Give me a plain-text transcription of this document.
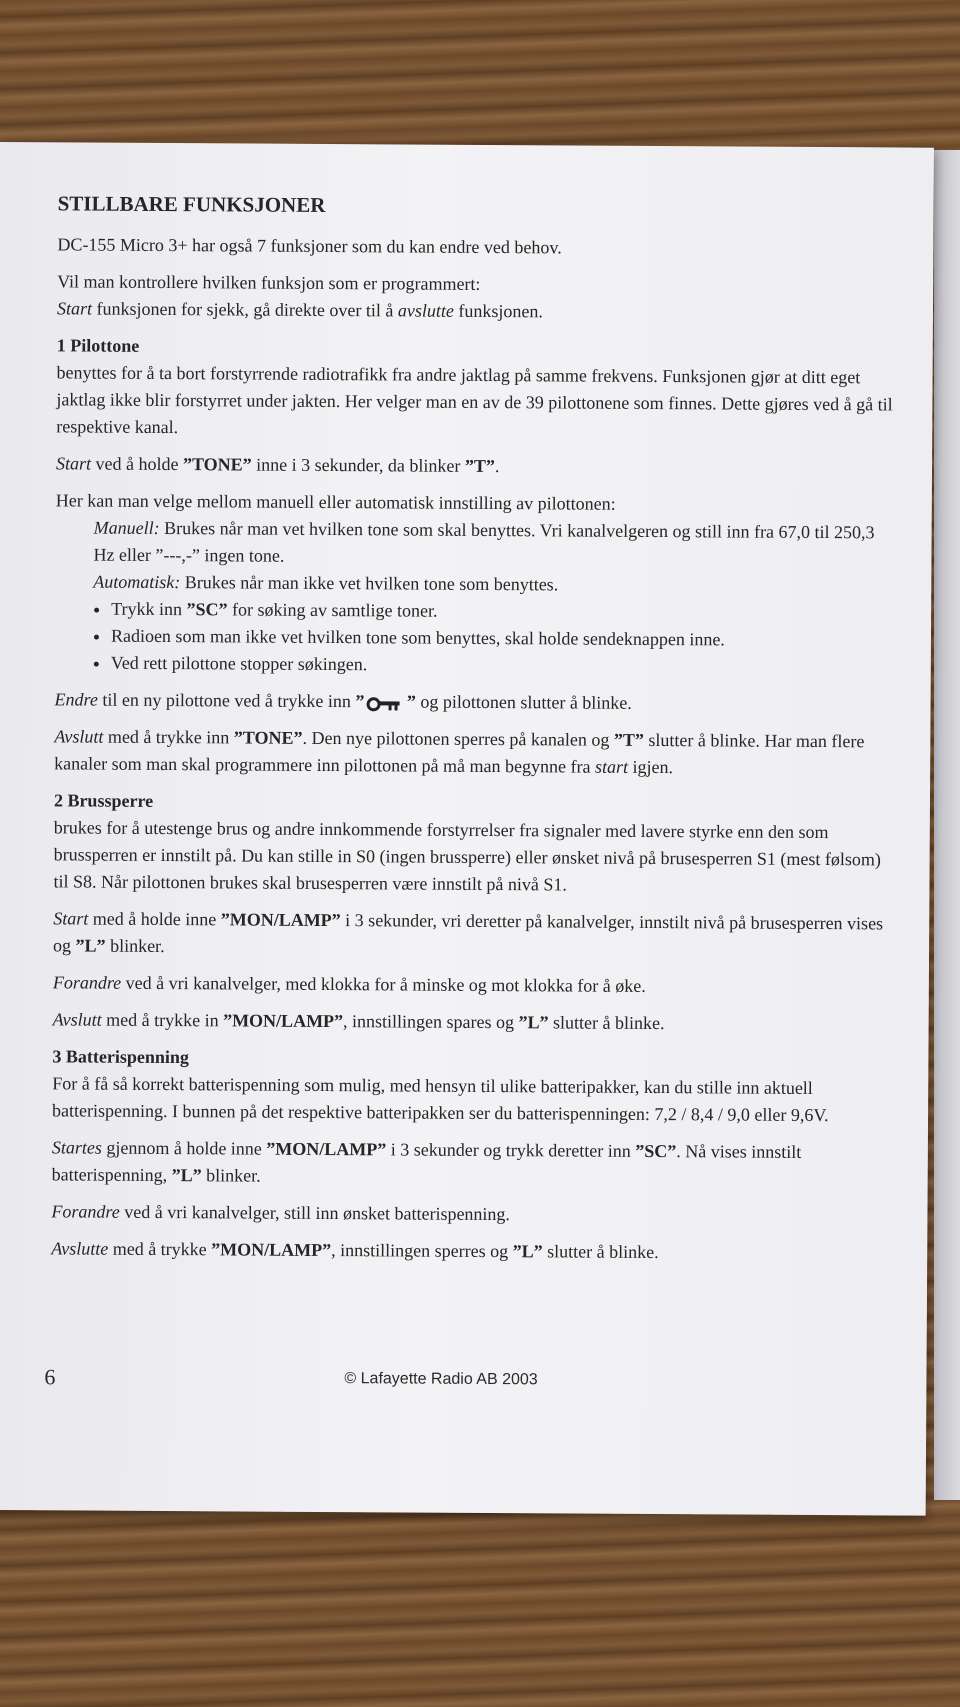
STILLBARE FUNKSJONER

DC-155 Micro 3+ har også 7 funksjoner som du kan endre ved behov.

Vil man kontrollere hvilken funksjon som er programmert:
Start funksjonen for sjekk, gå direkte over til å avslutte funksjonen.

1 Pilottone

benyttes for å ta bort forstyrrende radiotrafikk fra andre jaktlag på samme frekvens. Funksjonen gjør at ditt eget jaktlag ikke blir forstyrret under jakten. Her velger man en av de 39 pilottonene som finnes. Dette gjøres ved å gå til respektive kanal.

Start ved å holde ”TONE” inne i 3 sekunder, da blinker ”T”.

Her kan man velge mellom manuell eller automatisk innstilling av pilottonen:
Manuell: Brukes når man vet hvilken tone som skal benyttes. Vri kanalvelgeren og still inn fra 67,0 til 250,3 Hz eller ”---,-” ingen tone.
Automatisk: Brukes når man ikke vet hvilken tone som benyttes.
• Trykk inn ”SC” for søking av samtlige toner.
• Radioen som man ikke vet hvilken tone som benyttes, skal holde sendeknappen inne.
• Ved rett pilottone stopper søkingen.

Endre til en ny pilottone ved å trykke inn ”
” og pilottonen slutter å blinke.

Avslutt med å trykke inn ”TONE”. Den nye pilottonen sperres på kanalen og ”T” slutter å blinke. Har man flere kanaler som man skal programmere inn pilottonen på må man begynne fra start igjen.

2 Brussperre

brukes for å utestenge brus og andre innkommende forstyrrelser fra signaler med lavere styrke enn den som brussperren er innstilt på. Du kan stille in S0 (ingen brussperre) eller ønsket nivå på brusesperren S1 (mest følsom) til S8. Når pilottonen brukes skal brusesperren være innstilt på nivå S1.

Start med å holde inne ”MON/LAMP” i 3 sekunder, vri deretter på kanalvelger, innstilt nivå på brusesperren vises og ”L” blinker.

Forandre ved å vri kanalvelger, med klokka for å minske og mot klokka for å øke.

Avslutt med å trykke in ”MON/LAMP”, innstillingen spares og ”L” slutter å blinke.

3 Batterispenning

For å få så korrekt batterispenning som mulig, med hensyn til ulike batteripakker, kan du stille inn aktuell batterispenning. I bunnen på det respektive batteripakken ser du batterispenningen: 7,2 / 8,4 / 9,0 eller 9,6V.

Startes gjennom å holde inne ”MON/LAMP” i 3 sekunder og trykk deretter inn ”SC”. Nå vises innstilt batterispenning, ”L” blinker.

Forandre ved å vri kanalvelger, still inn ønsket batterispenning.

Avslutte med å trykke ”MON/LAMP”, innstillingen sperres og ”L” slutter å blinke.

6	© Lafayette Radio AB 2003
